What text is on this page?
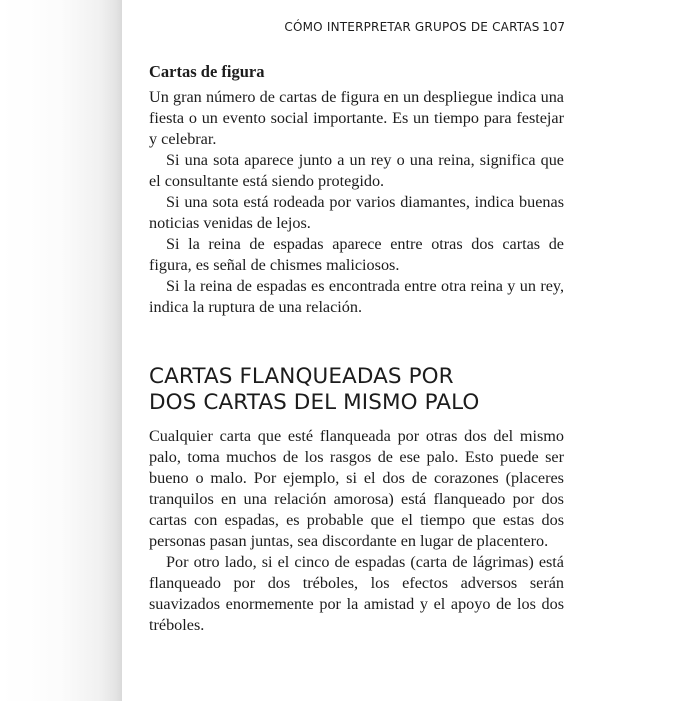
CÓMO INTERPRETAR GRUPOS DE CARTAS 107
Cartas de figura

Un gran número de cartas de figura en un despliegue indica una fiesta o un evento social importante. Es un tiempo para festejar y celebrar.

Si una sota aparece junto a un rey o una reina, significa que el consultante está siendo protegido.

Si una sota está rodeada por varios diamantes, indica buenas noticias venidas de lejos.

Si la reina de espadas aparece entre otras dos cartas de figura, es señal de chismes maliciosos.

Si la reina de espadas es encontrada entre otra reina y un rey, indica la ruptura de una relación.

CARTAS FLANQUEADAS POR
DOS CARTAS DEL MISMO PALO

Cualquier carta que esté flanqueada por otras dos del mismo palo, toma muchos de los rasgos de ese palo. Esto puede ser bueno o malo. Por ejemplo, si el dos de corazones (placeres tranquilos en una relación amorosa) está flanqueado por dos cartas con espadas, es probable que el tiempo que estas dos personas pasan juntas, sea discordante en lugar de placentero.

Por otro lado, si el cinco de espadas (carta de lágrimas) está flanqueado por dos tréboles, los efectos adversos serán suavizados enormemente por la amistad y el apoyo de los dos tréboles.
